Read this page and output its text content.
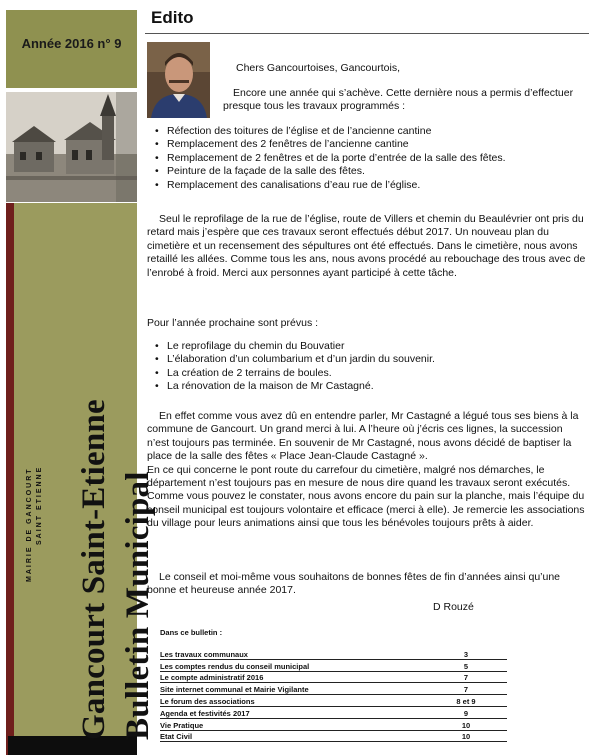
Année 2016 n° 9
MAIRIE DE GANCOURT SAINT ETIENNE Gancourt Saint-Etienne Bulletin Municipal
Edito
Chers Gancourtoises, Gancourtois,
Encore une année qui s’achève. Cette dernière nous a permis d’effectuer presque tous les travaux programmés :
• Réfection des toitures de l’église et de l’ancienne cantine
• Remplacement des 2 fenêtres de l’ancienne cantine
• Remplacement de 2 fenêtres et de la porte d’entrée de la salle des fêtes.
• Peinture de la façade de la salle des fêtes.
• Remplacement des canalisations d’eau rue de l’église.
Seul le reprofilage de la rue de l’église, route de Villers et chemin du Beaulévrier ont pris du retard mais j’espère que ces travaux seront effectués début 2017. Un nouveau plan du cimetière et un recensement des sépultures ont été effectués. Dans le cimetière, nous avons retaillé les allées. Comme tous les ans, nous avons procédé au rebouchage des trous avec de l’enrobé à froid. Merci aux personnes ayant participé à cette tâche.
Pour l’année prochaine sont prévus :
• Le reprofilage du chemin du Bouvatier
• L’élaboration d’un columbarium et d’un jardin du souvenir.
• La création de 2 terrains de boules.
• La rénovation de la maison de Mr Castagné.
En effet comme vous avez dû en entendre parler, Mr Castagné a légué tous ses biens à la commune de Gancourt. Un grand merci à lui. A l’heure où j’écris ces lignes, la succession n’est toujours pas terminée. En souvenir de Mr Castagné, nous avons décidé de baptiser la place de la salle des fêtes « Place Jean-Claude Castagné ».
En ce qui concerne le pont route du carrefour du cimetière, malgré nos démarches, le département n’est toujours pas en mesure de nous dire quand les travaux seront exécutés. Comme vous pouvez le constater, nous avons encore du pain sur la planche, mais l’équipe du conseil municipal est toujours volontaire et efficace (merci à elle). Je remercie les associations du village pour leurs animations ainsi que tous les bénévoles toujours prêts à aider.
Le conseil et moi-même vous souhaitons de bonnes fêtes de fin d’années ainsi qu’une bonne et heureuse année 2017.
D Rouzé
Dans ce bulletin :
Les travaux communaux	3
Les comptes rendus du conseil municipal	5
Le compte administratif 2016	7
Site internet communal et Mairie Vigilante	7
Le forum des associations	8 et 9
Agenda et festivités 2017	9
Vie Pratique	10
Etat Civil	10
